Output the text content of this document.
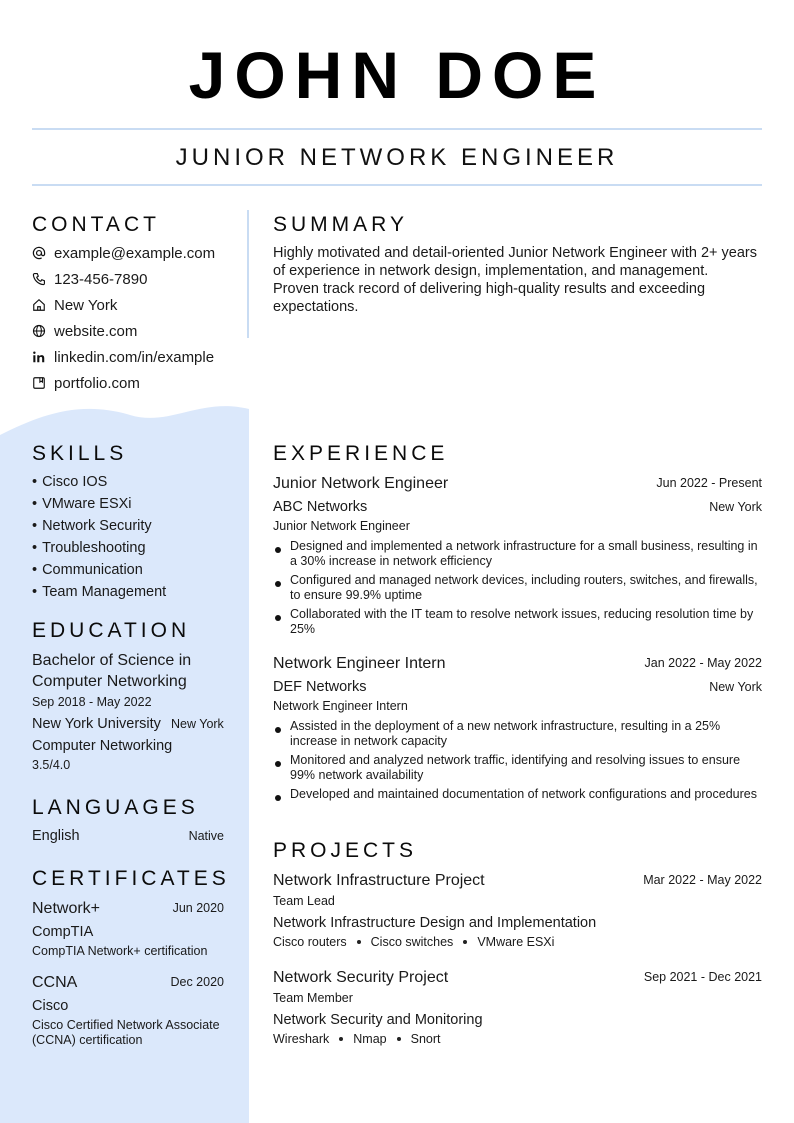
JOHN DOE
JUNIOR NETWORK ENGINEER
CONTACT
example@example.com
123-456-7890
New York
website.com
linkedin.com/in/example
portfolio.com
SUMMARY
Highly motivated and detail-oriented Junior Network Engineer with 2+ years of experience in network design, implementation, and management. Proven track record of delivering high-quality results and exceeding expectations.
SKILLS
• Cisco IOS
• VMware ESXi
• Network Security
• Troubleshooting
• Communication
• Team Management
EDUCATION
Bachelor of Science in Computer Networking
Sep 2018 - May 2022
New York University New York
Computer Networking
3.5/4.0
LANGUAGES
English	Native
CERTIFICATES
Network+	Jun 2020
CompTIA
CompTIA Network+ certification
CCNA	Dec 2020
Cisco
Cisco Certified Network Associate (CCNA) certification
EXPERIENCE
Junior Network Engineer	Jun 2022 - Present
ABC Networks	New York
Junior Network Engineer
Designed and implemented a network infrastructure for a small business, resulting in a 30% increase in network efficiency
Configured and managed network devices, including routers, switches, and firewalls, to ensure 99.9% uptime
Collaborated with the IT team to resolve network issues, reducing resolution time by 25%
Network Engineer Intern	Jan 2022 - May 2022
DEF Networks	New York
Network Engineer Intern
Assisted in the deployment of a new network infrastructure, resulting in a 25% increase in network capacity
Monitored and analyzed network traffic, identifying and resolving issues to ensure 99% network availability
Developed and maintained documentation of network configurations and procedures
PROJECTS
Network Infrastructure Project	Mar 2022 - May 2022
Team Lead
Network Infrastructure Design and Implementation
Cisco routers Cisco switches VMware ESXi
Network Security Project	Sep 2021 - Dec 2021
Team Member
Network Security and Monitoring
Wireshark Nmap Snort
